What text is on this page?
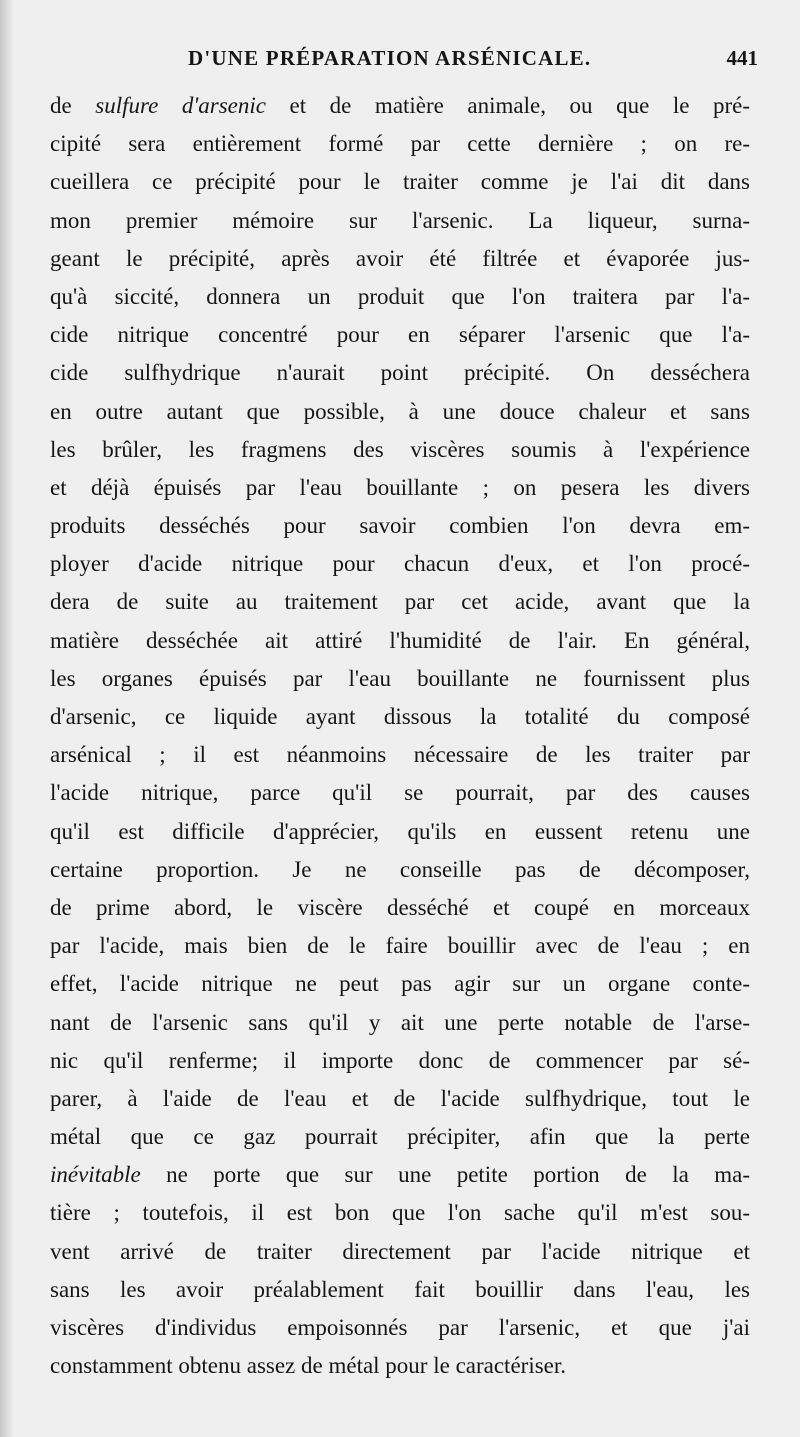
D'UNE PRÉPARATION ARSÉNICALE.	441
de sulfure d'arsenic et de matière animale, ou que le pré-
cipité sera entièrement formé par cette dernière ; on re-
cueillera ce précipité pour le traiter comme je l'ai dit dans
mon premier mémoire sur l'arsenic. La liqueur, surna-
geant le précipité, après avoir été filtrée et évaporée jus-
qu'à siccité, donnera un produit que l'on traitera par l'a-
cide nitrique concentré pour en séparer l'arsenic que l'a-
cide sulfhydrique n'aurait point précipité. On desséchera
en outre autant que possible, à une douce chaleur et sans
les brûler, les fragmens des viscères soumis à l'expérience
et déjà épuisés par l'eau bouillante ; on pesera les divers
produits desséchés pour savoir combien l'on devra em-
ployer d'acide nitrique pour chacun d'eux, et l'on procé-
dera de suite au traitement par cet acide, avant que la
matière desséchée ait attiré l'humidité de l'air. En général,
les organes épuisés par l'eau bouillante ne fournissent plus
d'arsenic, ce liquide ayant dissous la totalité du composé
arsénical ; il est néanmoins nécessaire de les traiter par
l'acide nitrique, parce qu'il se pourrait, par des causes
qu'il est difficile d'apprécier, qu'ils en eussent retenu une
certaine proportion. Je ne conseille pas de décomposer,
de prime abord, le viscère desséché et coupé en morceaux
par l'acide, mais bien de le faire bouillir avec de l'eau ; en
effet, l'acide nitrique ne peut pas agir sur un organe conte-
nant de l'arsenic sans qu'il y ait une perte notable de l'arse-
nic qu'il renferme; il importe donc de commencer par sé-
parer, à l'aide de l'eau et de l'acide sulfhydrique, tout le
métal que ce gaz pourrait précipiter, afin que la perte
inévitable ne porte que sur une petite portion de la ma-
tière ; toutefois, il est bon que l'on sache qu'il m'est sou-
vent arrivé de traiter directement par l'acide nitrique et
sans les avoir préalablement fait bouillir dans l'eau, les
viscères d'individus empoisonnés par l'arsenic, et que j'ai
constamment obtenu assez de métal pour le caractériser.
